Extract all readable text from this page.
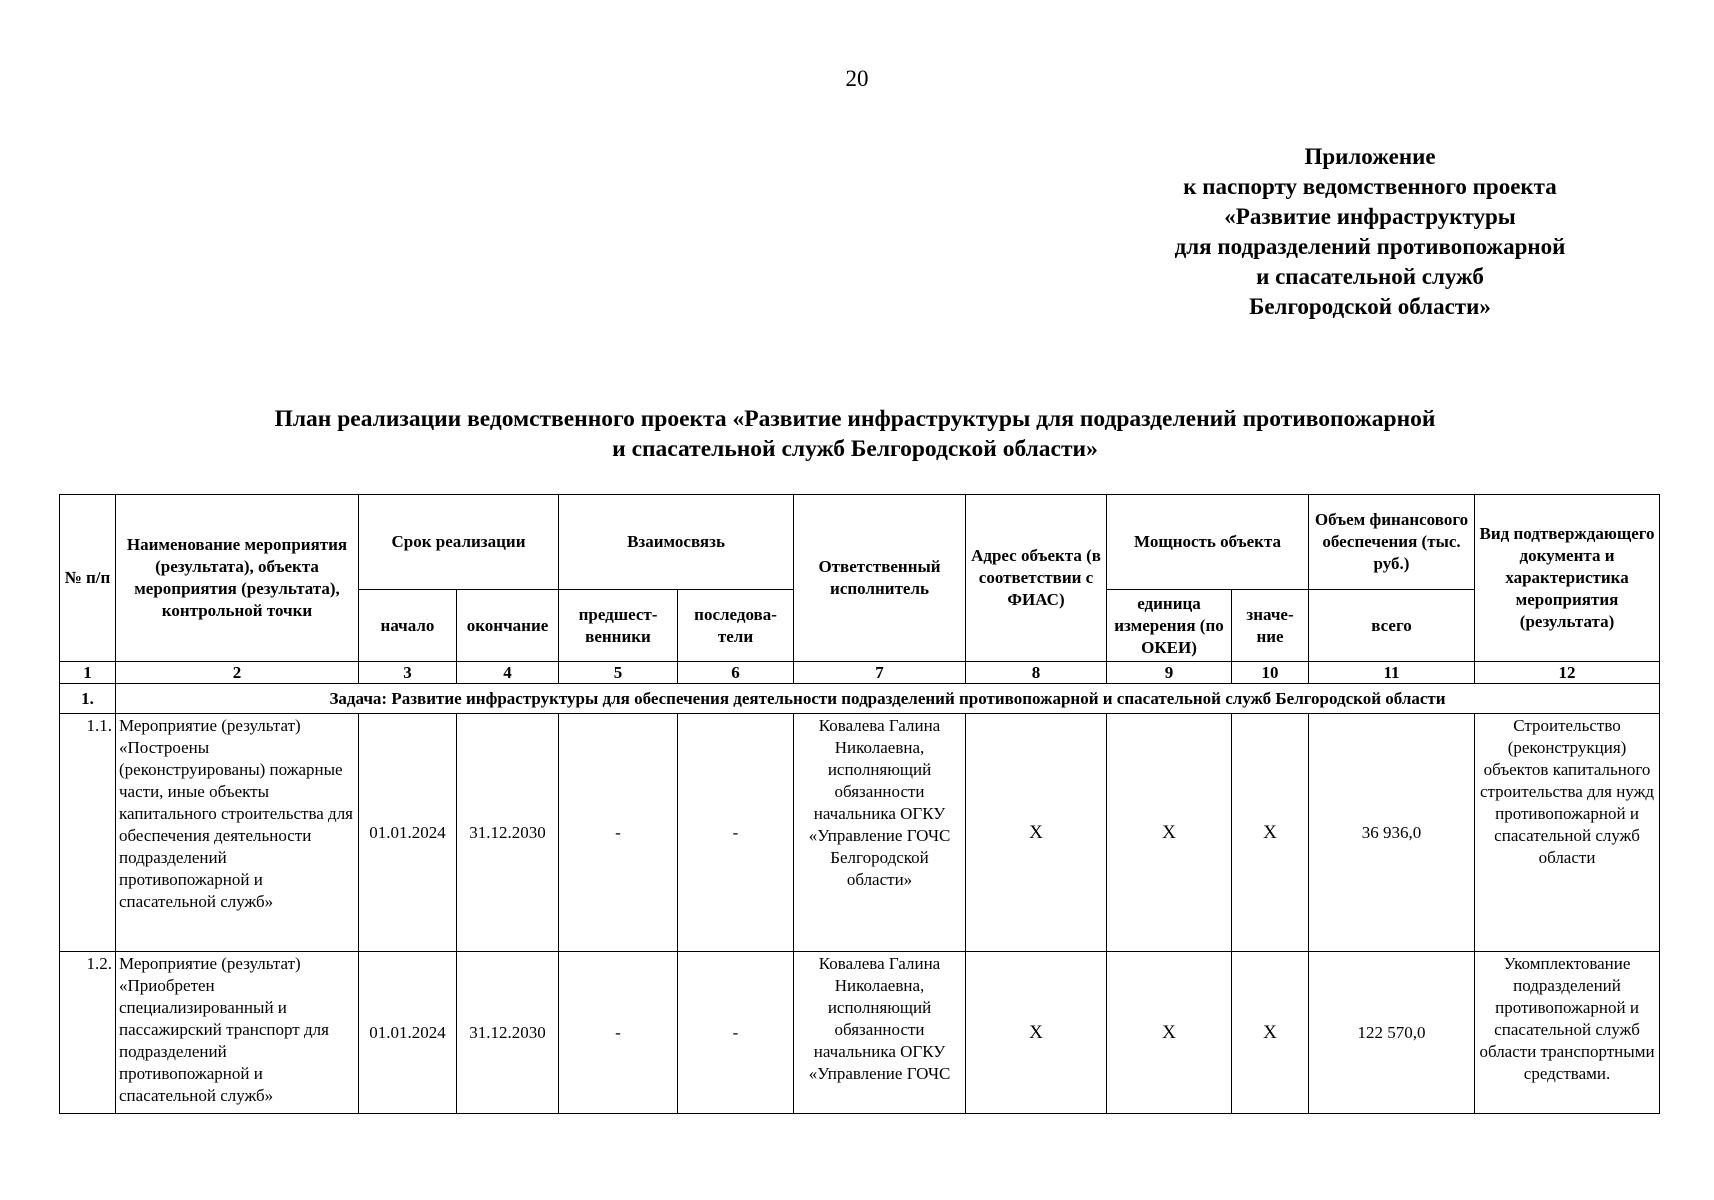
20
Приложение
к паспорту ведомственного проекта
«Развитие инфраструктуры
для подразделений противопожарной
и спасательной служб
Белгородской области»
План реализации ведомственного проекта «Развитие инфраструктуры для подразделений противопожарной
и спасательной служб Белгородской области»
№ п/п	Наименование мероприятия (результата), объекта мероприятия (результата), контрольной точки	Срок реализации		Взаимосвязь		Ответственный исполнитель	Адрес объекта (в соответствии с ФИАС)	Мощность объекта		Объем финансового обеспечения (тыс. руб.)	Вид подтверждающего документа и характеристика мероприятия (результата)
		начало	окончание	предшест-венники	последова-тели			единица измерения (по ОКЕИ)	значе-ние	всего	
1	2	3	4	5	6	7	8	9	10	11	12
1.	Задача: Развитие инфраструктуры для обеспечения деятельности подразделений противопожарной и спасательной служб Белгородской области										
1.1.	Мероприятие (результат) «Построены (реконструированы) пожарные части, иные объекты капитального строительства для обеспечения деятельности подразделений противопожарной и спасательной служб»	01.01.2024	31.12.2030	-	-	Ковалева Галина Николаевна, исполняющий обязанности начальника ОГКУ «Управление ГОЧС Белгородской области»	X	X	X	36 936,0	Строительство (реконструкция) объектов капитального строительства для нужд противопожарной и спасательной служб области
1.2.	Мероприятие (результат) «Приобретен специализированный и пассажирский транспорт для подразделений противопожарной и спасательной служб»	01.01.2024	31.12.2030	-	-	Ковалева Галина Николаевна, исполняющий обязанности начальника ОГКУ «Управление ГОЧС	X	X	X	122 570,0	Укомплектование подразделений противопожарной и спасательной служб области транспортными средствами.
